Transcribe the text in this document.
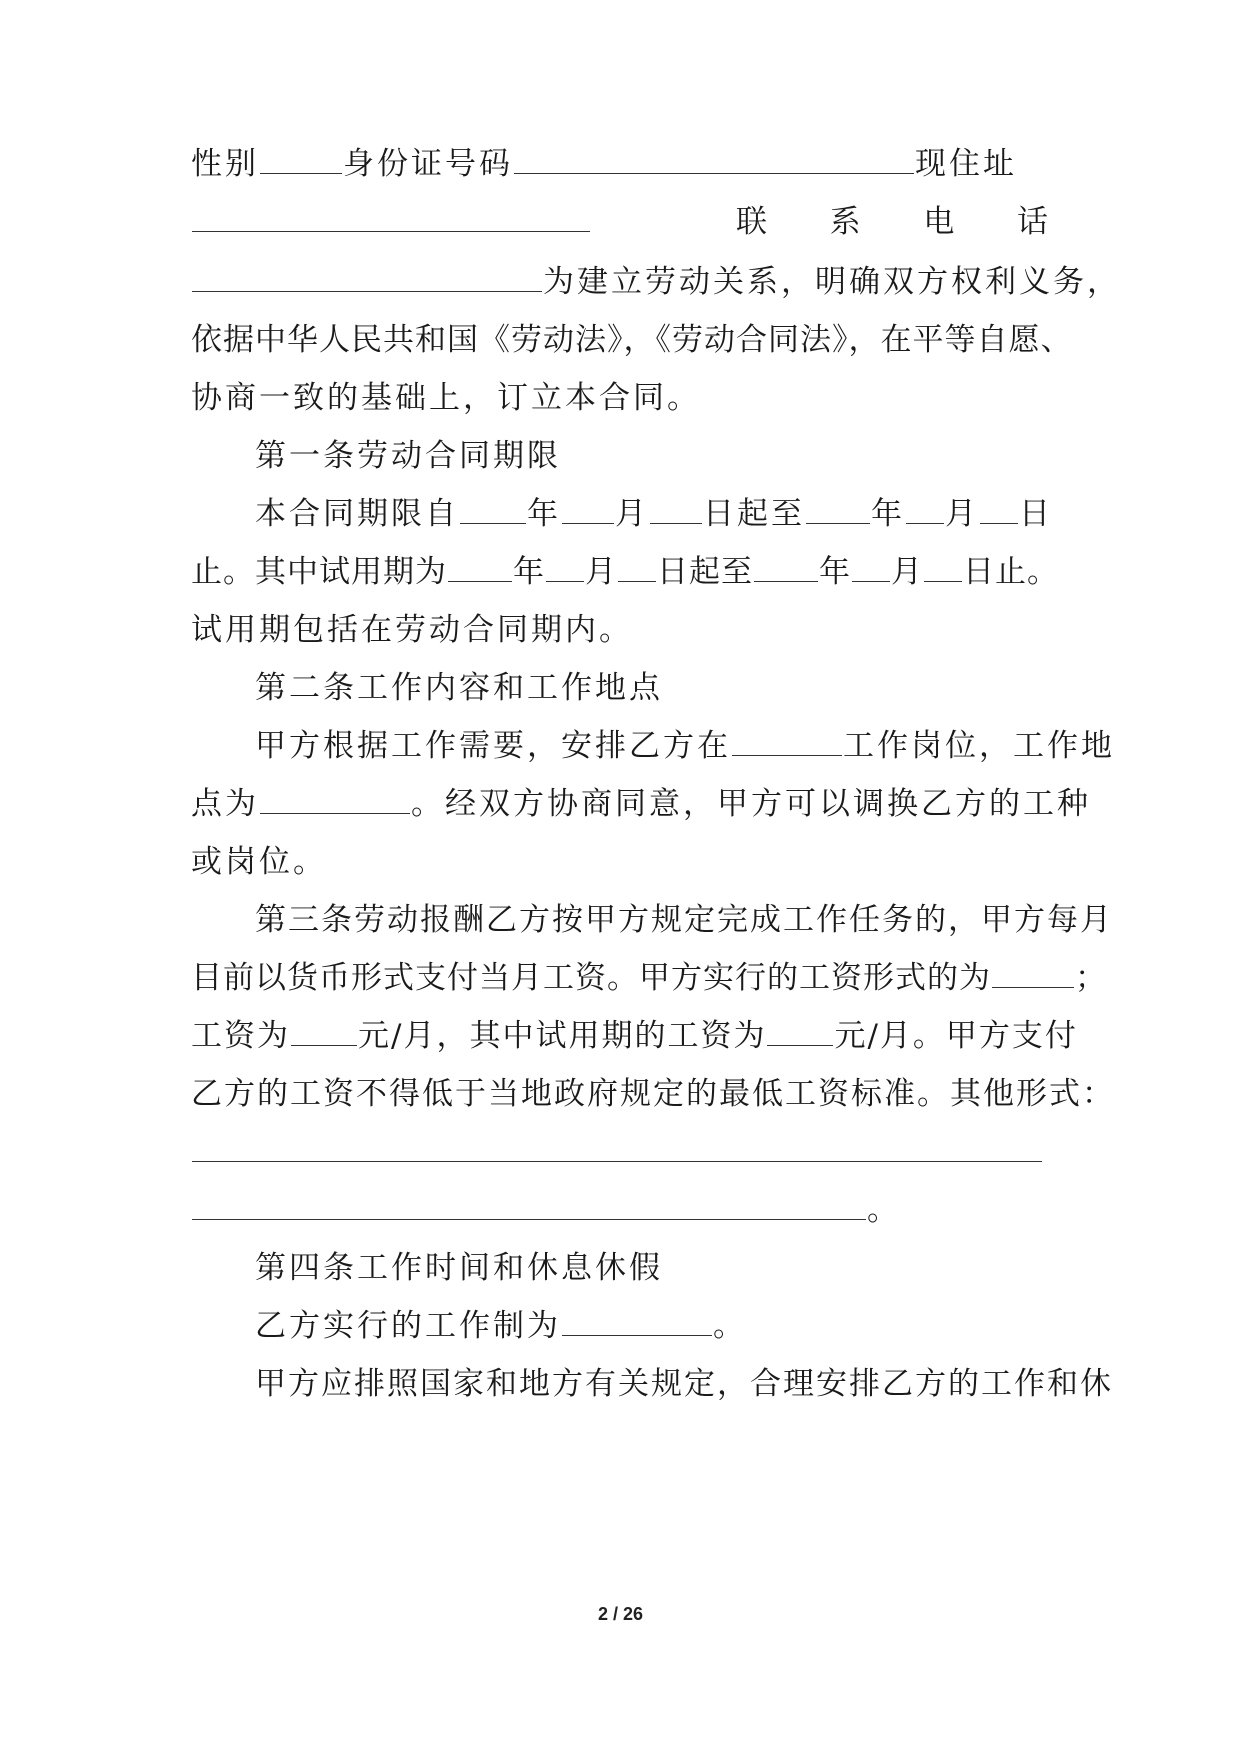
性别	身份证号码	现住址
联 系 电 话
为建立劳动关系，明确双方权利义务，
依据中华人民共和国《劳动法》，《劳动合同法》，在平等自愿、
协商一致的基础上，订立本合同。
第一条劳动合同期限
本合同期限自 年 月 日起至 年 月 日
止。其中试用期为 年 月 日起至 年 月 日止。
试用期包括在劳动合同期内。
第二条工作内容和工作地点
甲方根据工作需要，安排乙方在	工作岗位，工作地
点为	。经双方协商同意，甲方可以调换乙方的工种
或岗位。
第三条劳动报酬乙方按甲方规定完成工作任务的，甲方每月
目前以货币形式支付当月工资。甲方实行的工资形式的为	；
工资为 元/月，其中试用期的工资为 元/月。甲方支付
乙方的工资不得低于当地政府规定的最低工资标准。其他形式：
。
第四条工作时间和休息休假
乙方实行的工作制为	。
甲方应排照国家和地方有关规定，合理安排乙方的工作和休
2 / 26
